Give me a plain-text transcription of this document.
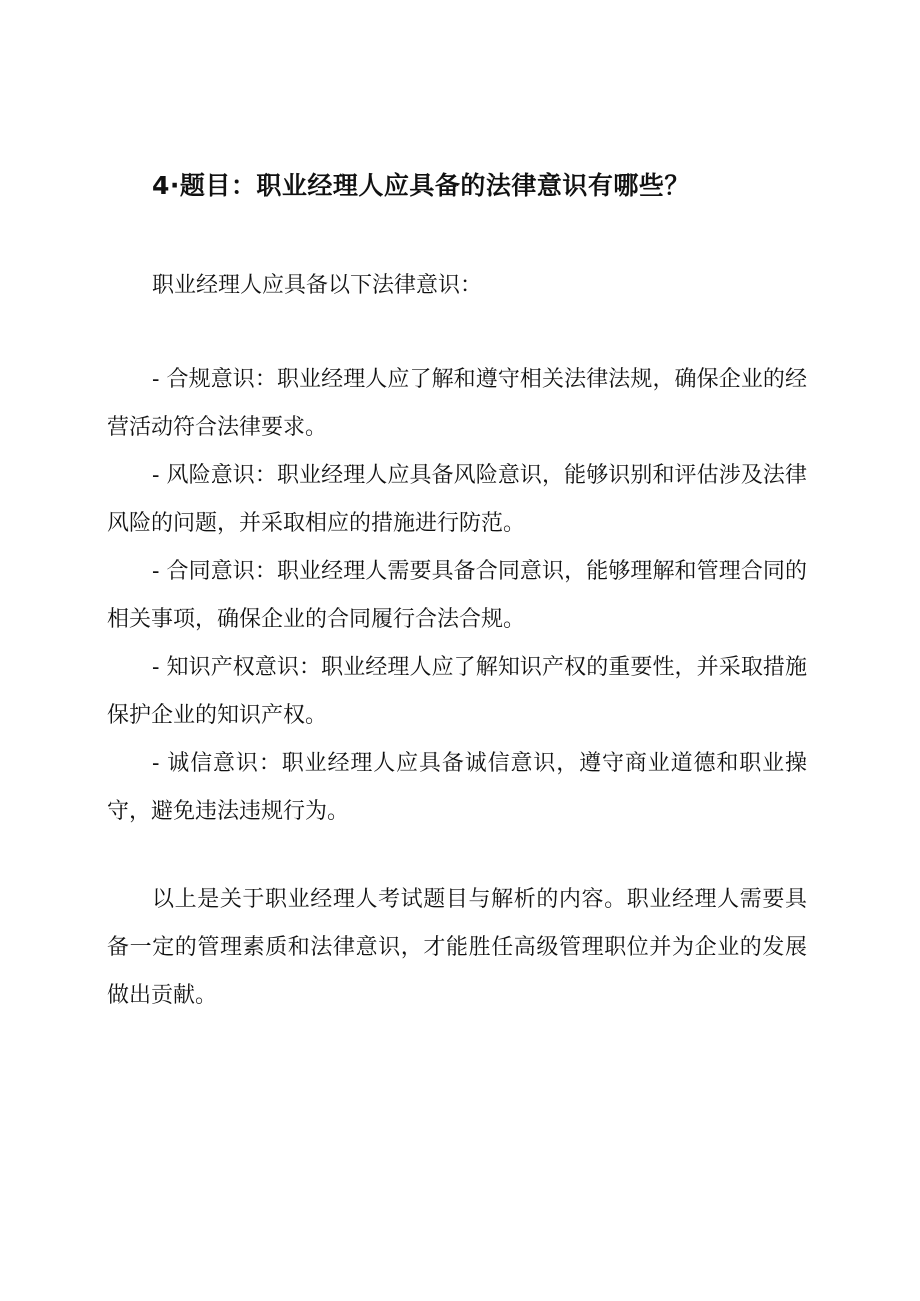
4·题目：职业经理人应具备的法律意识有哪些？
职业经理人应具备以下法律意识：

- 合规意识：职业经理人应了解和遵守相关法律法规，确保企业的经营活动符合法律要求。

- 风险意识：职业经理人应具备风险意识，能够识别和评估涉及法律风险的问题，并采取相应的措施进行防范。

- 合同意识：职业经理人需要具备合同意识，能够理解和管理合同的相关事项，确保企业的合同履行合法合规。

- 知识产权意识：职业经理人应了解知识产权的重要性，并采取措施保护企业的知识产权。

- 诚信意识：职业经理人应具备诚信意识，遵守商业道德和职业操守，避免违法违规行为。

以上是关于职业经理人考试题目与解析的内容。职业经理人需要具备一定的管理素质和法律意识，才能胜任高级管理职位并为企业的发展做出贡献。
